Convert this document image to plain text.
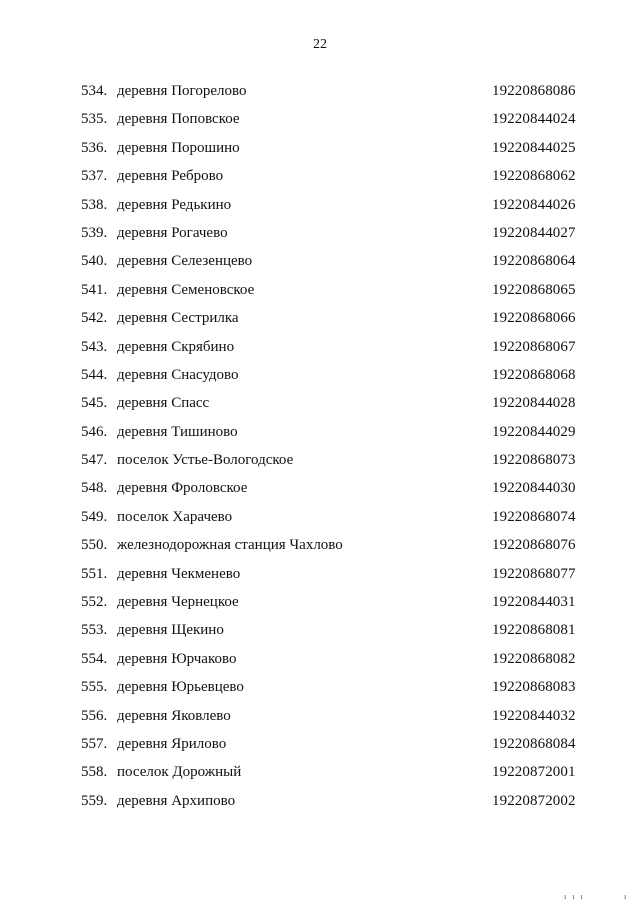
22
534. деревня Погорелово	19220868086
535. деревня Поповское	19220844024
536. деревня Порошино	19220844025
537. деревня Реброво	19220868062
538. деревня Редькино	19220844026
539. деревня Рогачево	19220844027
540. деревня Селезенцево	19220868064
541. деревня Семеновское	19220868065
542. деревня Сестрилка	19220868066
543. деревня Скрябино	19220868067
544. деревня Снасудово	19220868068
545. деревня Спасс	19220844028
546. деревня Тишиново	19220844029
547. поселок Устье-Вологодское	19220868073
548. деревня Фроловское	19220844030
549. поселок Харачево	19220868074
550. железнодорожная станция Чахлово	19220868076
551. деревня Чекменево	19220868077
552. деревня Чернецкое	19220844031
553. деревня Щекино	19220868081
554. деревня Юрчаково	19220868082
555. деревня Юрьевцево	19220868083
556. деревня Яковлево	19220844032
557. деревня Ярилово	19220868084
558. поселок Дорожный	19220872001
559. деревня Архипово	19220872002
ı ı ı	ı
